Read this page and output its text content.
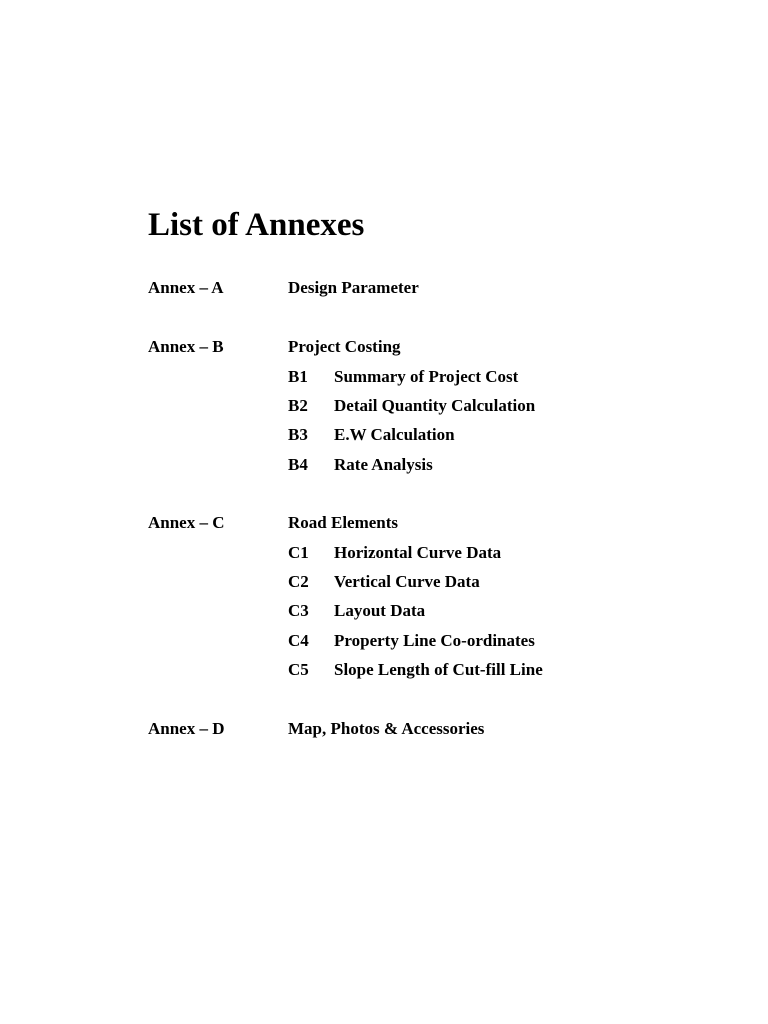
List of Annexes
Annex – A	Design Parameter
Annex – B	Project Costing
B1 Summary of Project Cost
B2 Detail Quantity Calculation
B3 E.W Calculation
B4 Rate Analysis
Annex – C	Road Elements
C1 Horizontal Curve Data
C2 Vertical Curve Data
C3 Layout Data
C4 Property Line Co-ordinates
C5 Slope Length of Cut-fill Line
Annex – D	Map, Photos & Accessories
